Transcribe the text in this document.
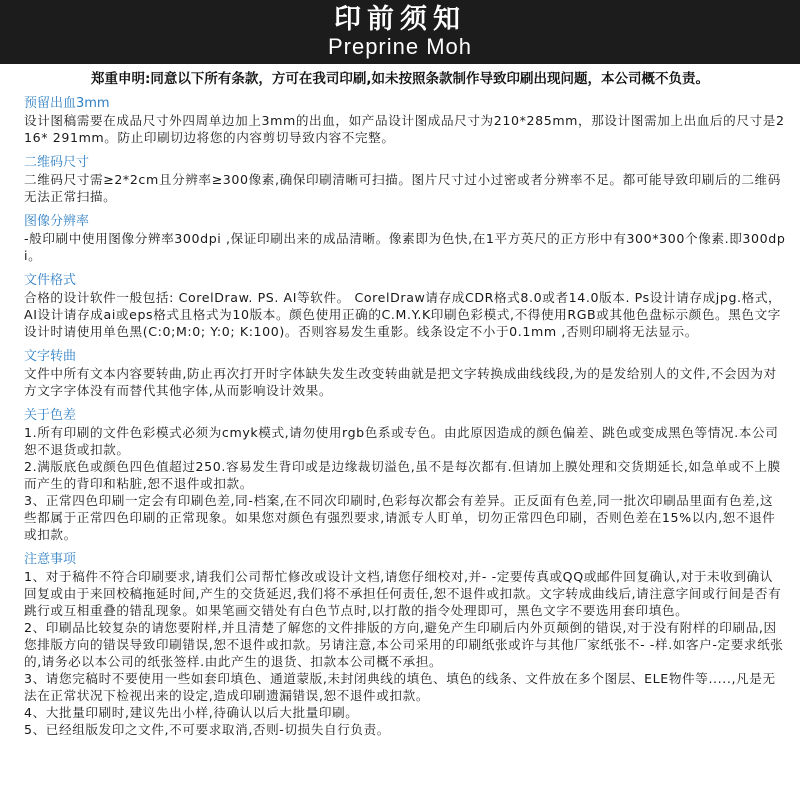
印前须知
Preprine Moh
郑重申明:同意以下所有条款，方可在我司印刷,如未按照条款制作导致印刷出现问题，本公司概不负责。
预留出血3mm
设计图稿需要在成品尺寸外四周单边加上3mm的出血，如产品设计图成品尺寸为210*285mm，那设计图需加上出血后的尺寸是216* 291mm。防止印刷切边将您的内容剪切导致内容不完整。
二维码尺寸
二维码尺寸需≥2*2cm且分辨率≥300像素,确保印刷清晰可扫描。图片尺寸过小过密或者分辨率不足。都可能导致印刷后的二维码无法正常扫描。
图像分辨率
-般印刷中使用图像分辨率300dpi ,保证印刷出来的成品清晰。像素即为色快,在1平方英尺的正方形中有300*300个像素.即300dpi。
文件格式
合格的设计软件一般包括: CorelDraw. PS. AI等软件。 CorelDraw请存成CDR格式8.0或者14.0版本. Ps设计请存成jpg.格式，AI设计请存成ai或eps格式且格式为10版本。颜色使用正确的C.M.Y.K印刷色彩模式,不得使用RGB或其他色盘标示颜色。黑色文字设计时请使用单色黑(C:0;M:0; Y:0; K:100)。否则容易发生重影。线条设定不小于0.1mm ,否则印刷将无法显示。
文字转曲
文件中所有文本内容要转曲,防止再次打开时字体缺失发生改变转曲就是把文字转换成曲线线段,为的是发给别人的文件,不会因为对方文字字体没有而替代其他字体,从而影响设计效果。
关于色差
1.所有印刷的文件色彩模式必须为cmyk模式,请勿使用rgb色系或专色。由此原因造成的颜色偏差、跳色或变成黑色等情况.本公司恕不退货或扣款。
2.满版底色或颜色四色值超过250.容易发生背印或是边缘裁切溢色,虽不是每次都有.但请加上膜处理和交货期延长,如急单或不上膜而产生的背印和粘脏,恕不退件或扣款。
3、正常四色印刷一定会有印刷色差,同-档案,在不同次印刷时,色彩每次都会有差异。正反面有色差,同一批次印刷品里面有色差,这些都属于正常四色印刷的正常现象。如果您对颜色有强烈要求,请派专人盯单，切勿正常四色印刷，否则色差在15%以内,恕不退件或扣款。
注意事项
1、对于稿件不符合印刷要求,请我们公司帮忙修改或设计文档,请您仔细校对,并- -定要传真或QQ或邮件回复确认,对于未收到确认回复或由于来回校稿拖延时间,产生的交货延迟,我们将不承担任何责任,恕不退件或扣款。文字转成曲线后,请注意字间或行间是否有跳行或互相重叠的错乱现象。如果笔画交错处有白色节点时,以打散的指令处理即可，黑色文字不要选用套印填色。
2、印刷品比较复杂的请您要附样,并且清楚了解您的文件排版的方向,避免产生印刷后内外页颠倒的错误,对于没有附样的印刷品,因您排版方向的错误导致印刷错误,恕不退件或扣款。另请注意,本公司采用的印刷纸张或许与其他厂家纸张不- -样.如客户-定要求纸张的,请务必以本公司的纸张签样.由此产生的退货、扣款本公司概不承担。
3、请您完稿时不要使用一些如套印填色、通道蒙版,未封闭典线的填色、填色的线条、文件放在多个图层、ELE物件等.....,凡是无法在正常状况下检视出来的设定,造成印刷遗漏错误,恕不退件或扣款。
4、大批量印刷时,建议先出小样,待确认以后大批量印刷。
5、已经组版发印之文件,不可要求取消,否则-切损失自行负责。
